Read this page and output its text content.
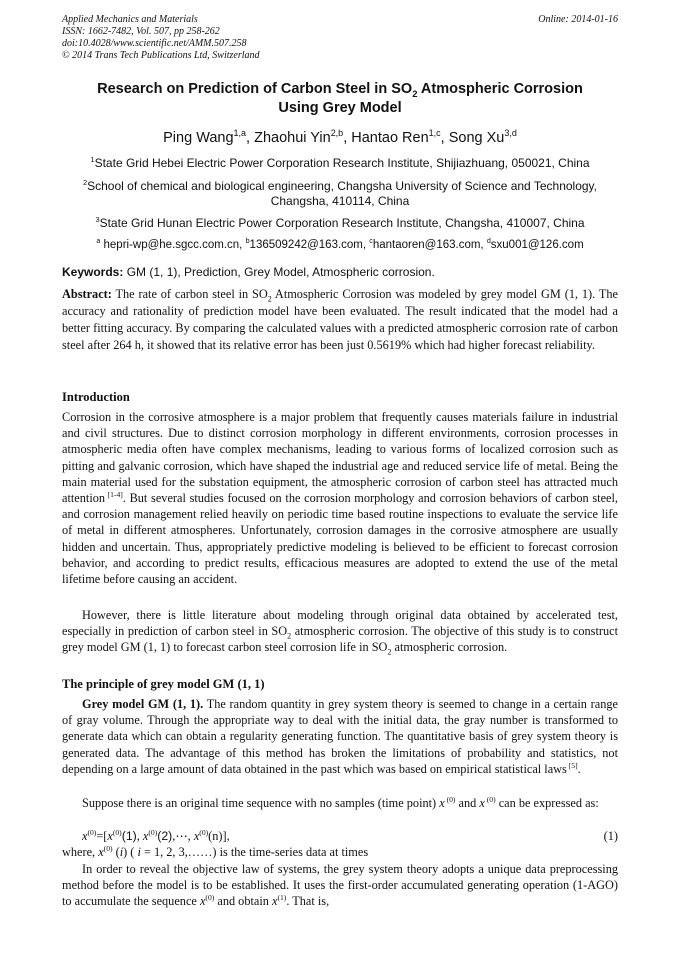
Applied Mechanics and Materials
ISSN: 1662-7482, Vol. 507, pp 258-262
doi:10.4028/www.scientific.net/AMM.507.258
© 2014 Trans Tech Publications Ltd, Switzerland
Online: 2014-01-16
Research on Prediction of Carbon Steel in $SO_2$ Atmospheric Corrosion
Using Grey Model
Ping Wang$^{1,a}$, Zhaohui Yin$^{2,b}$, Hantao Ren$^{1,c}$, Song Xu$^{3,d}$
$^1$State Grid Hebei Electric Power Corporation Research Institute, Shijiazhuang, 050021, China
$^2$School of chemical and biological engineering, Changsha University of Science and Technology,
Changsha, 410114, China
$^3$State Grid Hunan Electric Power Corporation Research Institute, Changsha, 410007, China
$^a$ hepri-wp@he.sgcc.com.cn, $^b$136509242@163.com, $^c$hantaoren@163.com, $^d$sxu001@126.com
Keywords: GM (1, 1), Prediction, Grey Model, Atmospheric corrosion.
Abstract: The rate of carbon steel in $SO_2$ Atmospheric Corrosion was modeled by grey model GM (1, 1). The accuracy and rationality of prediction model have been evaluated. The result indicated that the model had a better fitting accuracy. By comparing the calculated values with a predicted atmospheric corrosion rate of carbon steel after 264 h, it showed that its relative error has been just 0.5619% which had higher forecast reliability.
Introduction
Corrosion in the corrosive atmosphere is a major problem that frequently causes materials failure in industrial and civil structures. Due to distinct corrosion morphology in different environments, corrosion processes in atmospheric media often have complex mechanisms, leading to various forms of localized corrosion such as pitting and galvanic corrosion, which have shaped the industrial age and reduced service life of metal. Being the main material used for the substation equipment, the atmospheric corrosion of carbon steel has attracted much attention [1-4]. But several studies focused on the corrosion morphology and corrosion behaviors of carbon steel, and corrosion management relied heavily on periodic time based routine inspections to evaluate the service life of metal in different atmospheres. Unfortunately, corrosion damages in the corrosive atmosphere are usually hidden and uncertain. Thus, appropriately predictive modeling is believed to be efficient to forecast corrosion behavior, and according to predict results, efficacious measures are adopted to extend the use of the metal lifetime before causing an accident.
However, there is little literature about modeling through original data obtained by accelerated test, especially in prediction of carbon steel in $SO_2$ atmospheric corrosion. The objective of this study is to construct grey model GM (1, 1) to forecast carbon steel corrosion life in $SO_2$ atmospheric corrosion.
The principle of grey model GM (1, 1)
Grey model GM (1, 1). The random quantity in grey system theory is seemed to change in a certain range of gray volume. Through the appropriate way to deal with the initial data, the gray number is transformed to generate data which can obtain a regularity generating function. The quantitative basis of grey system theory is generated data. The advantage of this method has broken the limitations of probability and statistics, not depending on a large amount of data obtained in the past which was based on empirical statistical laws [5].
Suppose there is an original time sequence with no samples (time point) x $^{(0)}$ and x $^{(0)}$ can be expressed as:
$x^{(0)}=[x^{(0)}(1)$, $x^{(0)}(2),\cdots$, $x^{(0)}(n)$],	(1)
where, $x^{(0)}$ (i) ( i = 1, 2, 3,……) is the time-series data at times
In order to reveal the objective law of systems, the grey system theory adopts a unique data preprocessing method before the model is to be established. It uses the first-order accumulated generating operation (1-AGO) to accumulate the sequence $x^{(0)}$ and obtain $x^{(1)}$. That is,
